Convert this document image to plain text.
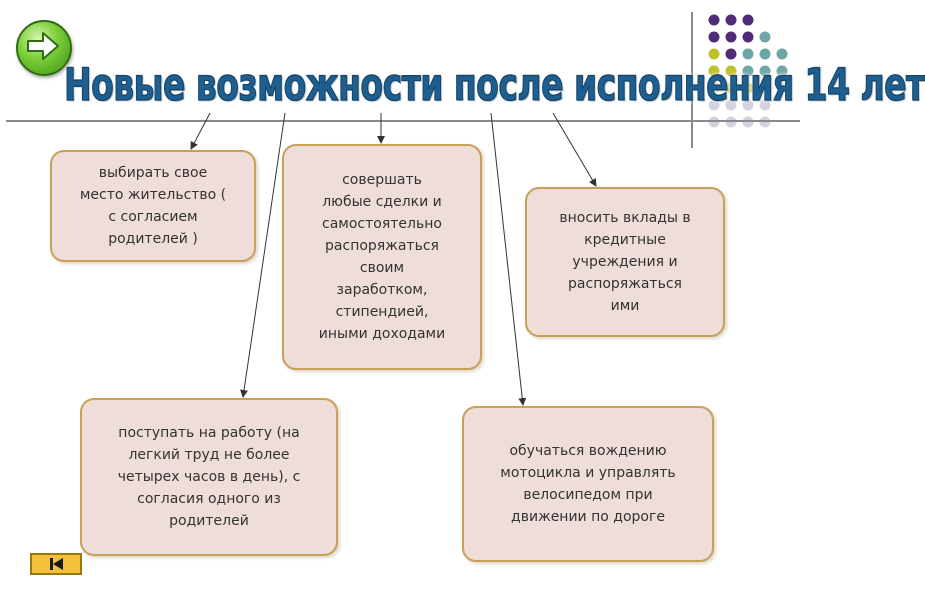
Новые возможности после исполнения 14 лет
выбирать свое
место жительство (
с согласием
родителей )
совершать
любые сделки и
самостоятельно
распоряжаться
своим
заработком,
стипендией,
иными доходами
вносить вклады в
кредитные
учреждения и
распоряжаться
ими
поступать на работу (на
легкий труд не более
четырех часов в день), с
согласия одного из
родителей
обучаться вождению
мотоцикла и управлять
велосипедом при
движении по дороге
